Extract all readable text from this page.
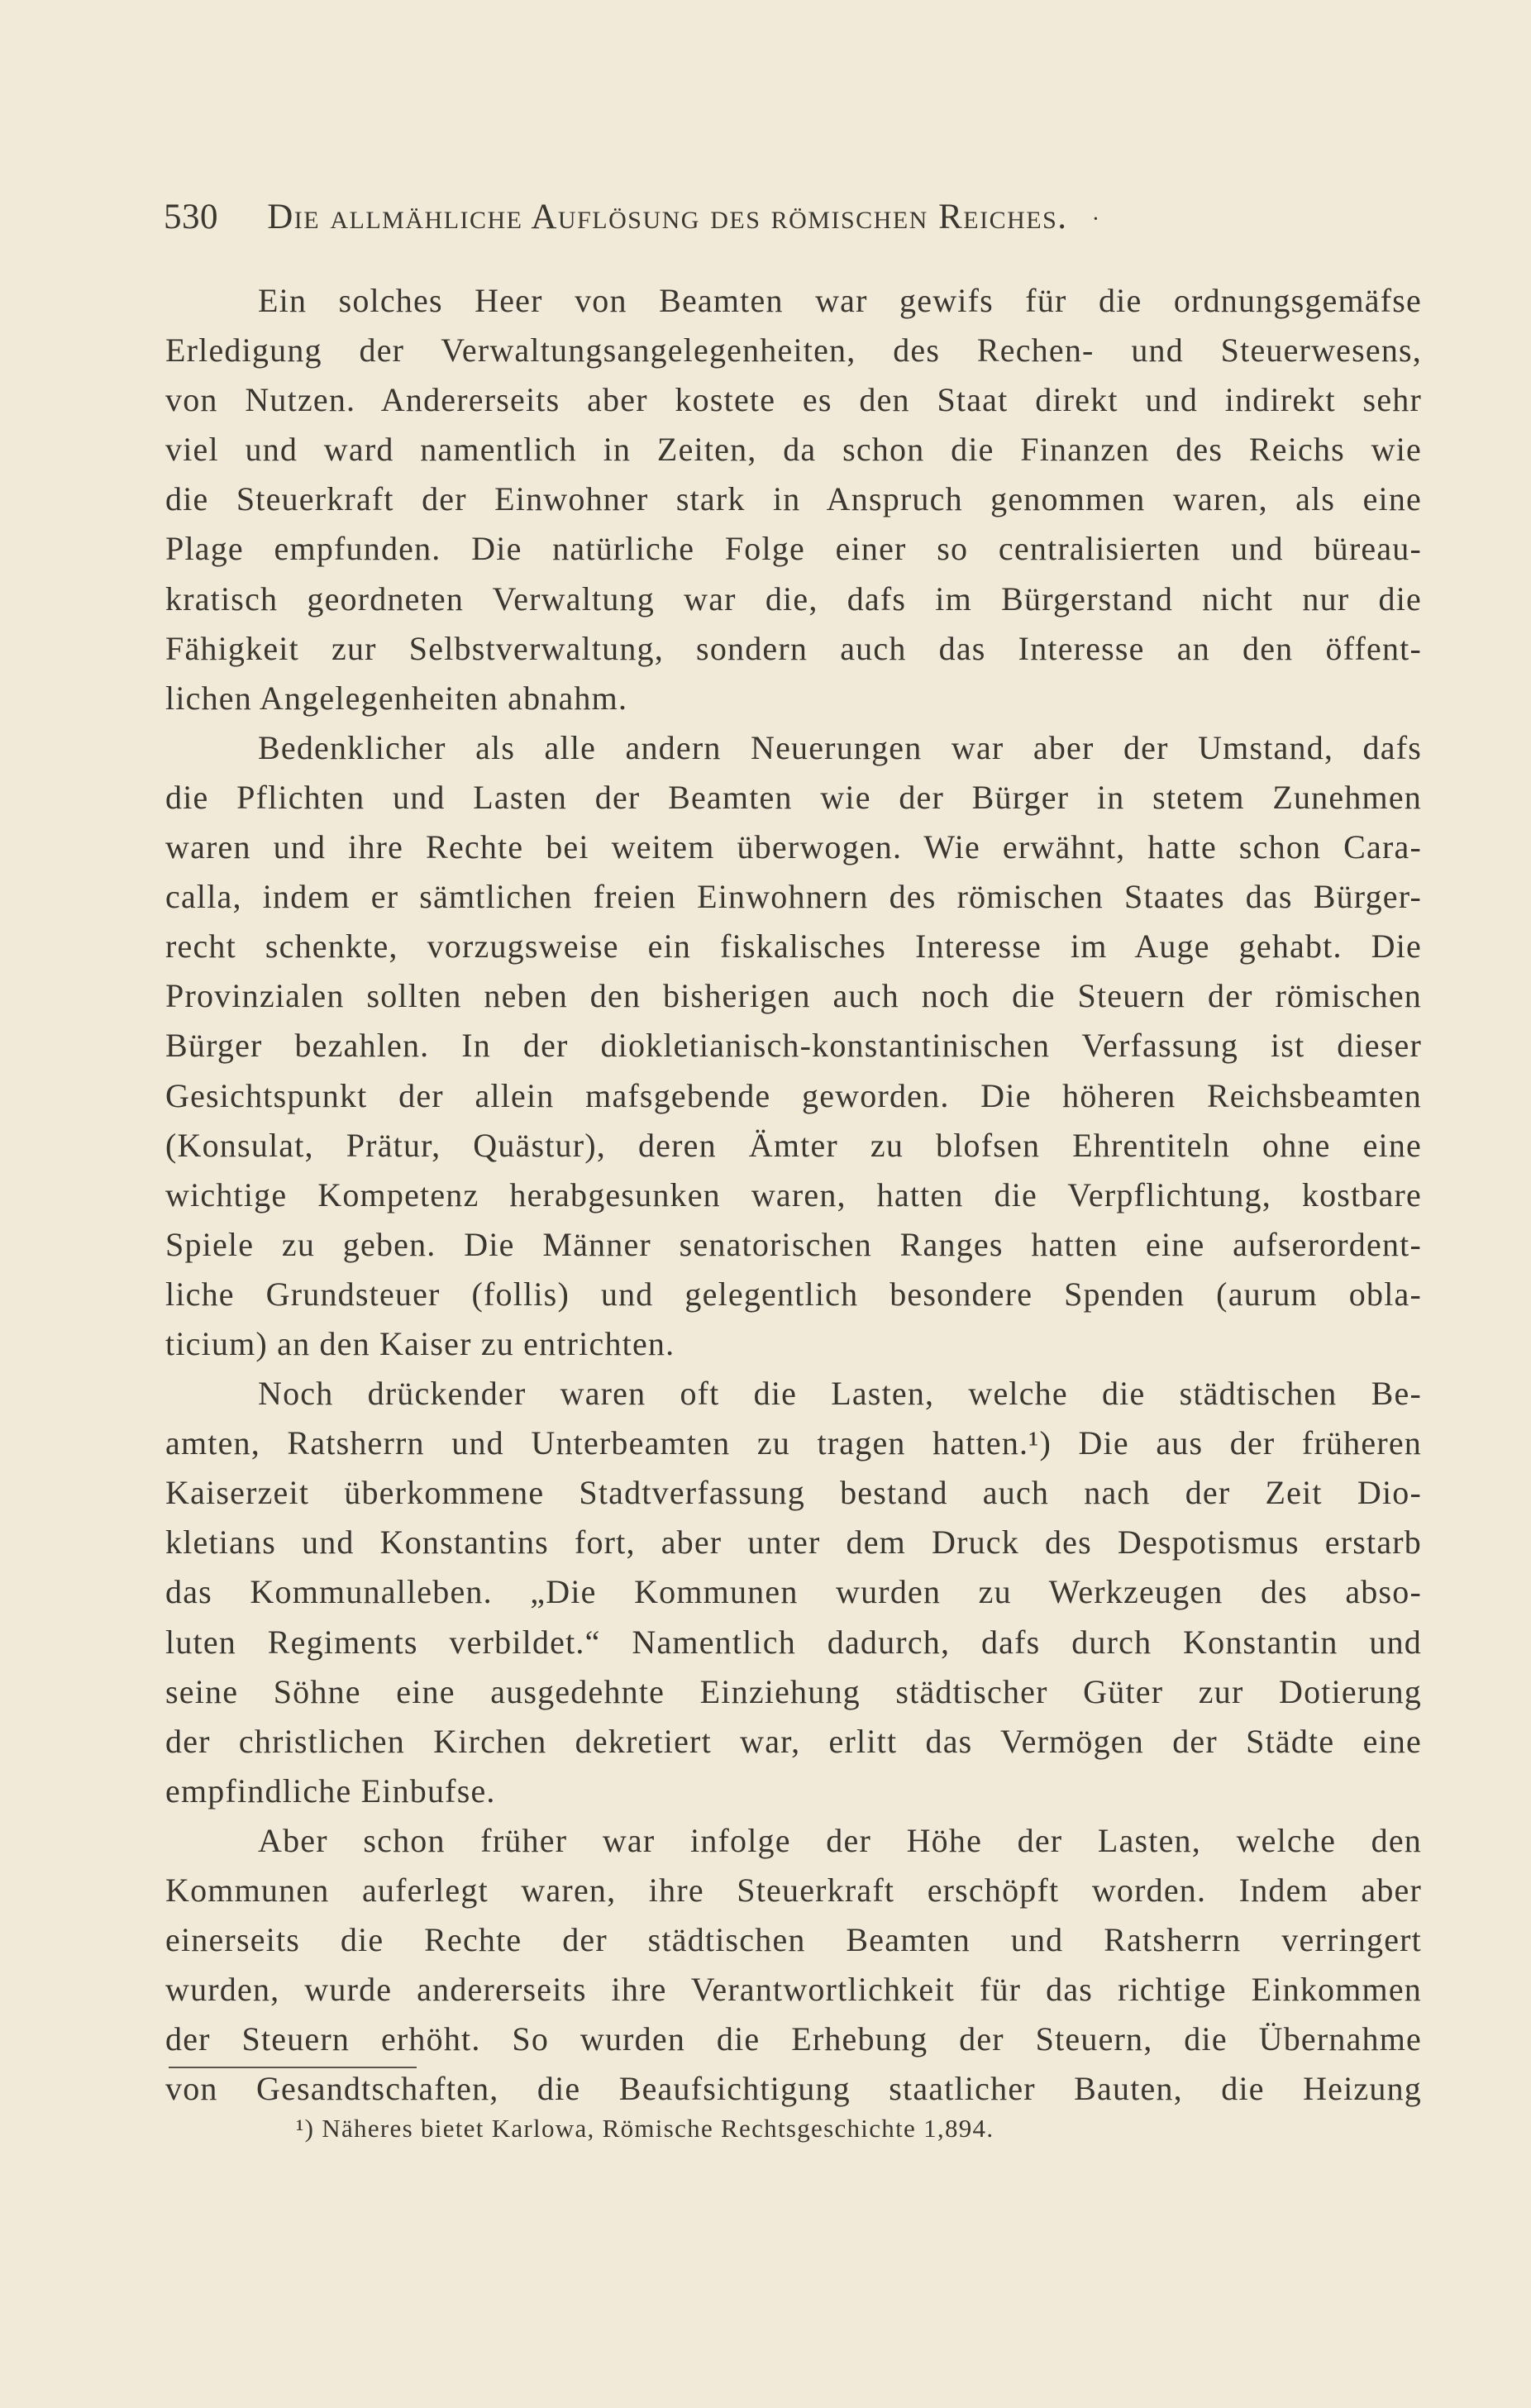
530 Die allmähliche Auflösung des römischen Reiches. ·

Ein solches Heer von Beamten war gewifs für die ordnungsgemäfse
Erledigung der Verwaltungsangelegenheiten, des Rechen- und Steuerwesens,
von Nutzen. Andererseits aber kostete es den Staat direkt und indirekt sehr
viel und ward namentlich in Zeiten, da schon die Finanzen des Reichs wie
die Steuerkraft der Einwohner stark in Anspruch genommen waren, als eine
Plage empfunden. Die natürliche Folge einer so centralisierten und büreau-
kratisch geordneten Verwaltung war die, dafs im Bürgerstand nicht nur die
Fähigkeit zur Selbstverwaltung, sondern auch das Interesse an den öffent-
lichen Angelegenheiten abnahm.

Bedenklicher als alle andern Neuerungen war aber der Umstand, dafs
die Pflichten und Lasten der Beamten wie der Bürger in stetem Zunehmen
waren und ihre Rechte bei weitem überwogen. Wie erwähnt, hatte schon Cara-
calla, indem er sämtlichen freien Einwohnern des römischen Staates das Bürger-
recht schenkte, vorzugsweise ein fiskalisches Interesse im Auge gehabt. Die
Provinzialen sollten neben den bisherigen auch noch die Steuern der römischen
Bürger bezahlen. In der diokletianisch-konstantinischen Verfassung ist dieser
Gesichtspunkt der allein mafsgebende geworden. Die höheren Reichsbeamten
(Konsulat, Prätur, Quästur), deren Ämter zu blofsen Ehrentiteln ohne eine
wichtige Kompetenz herabgesunken waren, hatten die Verpflichtung, kostbare
Spiele zu geben. Die Männer senatorischen Ranges hatten eine aufserordent-
liche Grundsteuer (follis) und gelegentlich besondere Spenden (aurum obla-
ticium) an den Kaiser zu entrichten.

Noch drückender waren oft die Lasten, welche die städtischen Be-
amten, Ratsherrn und Unterbeamten zu tragen hatten.¹) Die aus der früheren
Kaiserzeit überkommene Stadtverfassung bestand auch nach der Zeit Dio-
kletians und Konstantins fort, aber unter dem Druck des Despotismus erstarb
das Kommunalleben. „Die Kommunen wurden zu Werkzeugen des abso-
luten Regiments verbildet.“ Namentlich dadurch, dafs durch Konstantin und
seine Söhne eine ausgedehnte Einziehung städtischer Güter zur Dotierung
der christlichen Kirchen dekretiert war, erlitt das Vermögen der Städte eine
empfindliche Einbufse.

Aber schon früher war infolge der Höhe der Lasten, welche den
Kommunen auferlegt waren, ihre Steuerkraft erschöpft worden. Indem aber
einerseits die Rechte der städtischen Beamten und Ratsherrn verringert
wurden, wurde andererseits ihre Verantwortlichkeit für das richtige Einkommen
der Steuern erhöht. So wurden die Erhebung der Steuern, die Übernahme
von Gesandtschaften, die Beaufsichtigung staatlicher Bauten, die Heizung

¹) Näheres bietet Karlowa, Römische Rechtsgeschichte 1,894.
